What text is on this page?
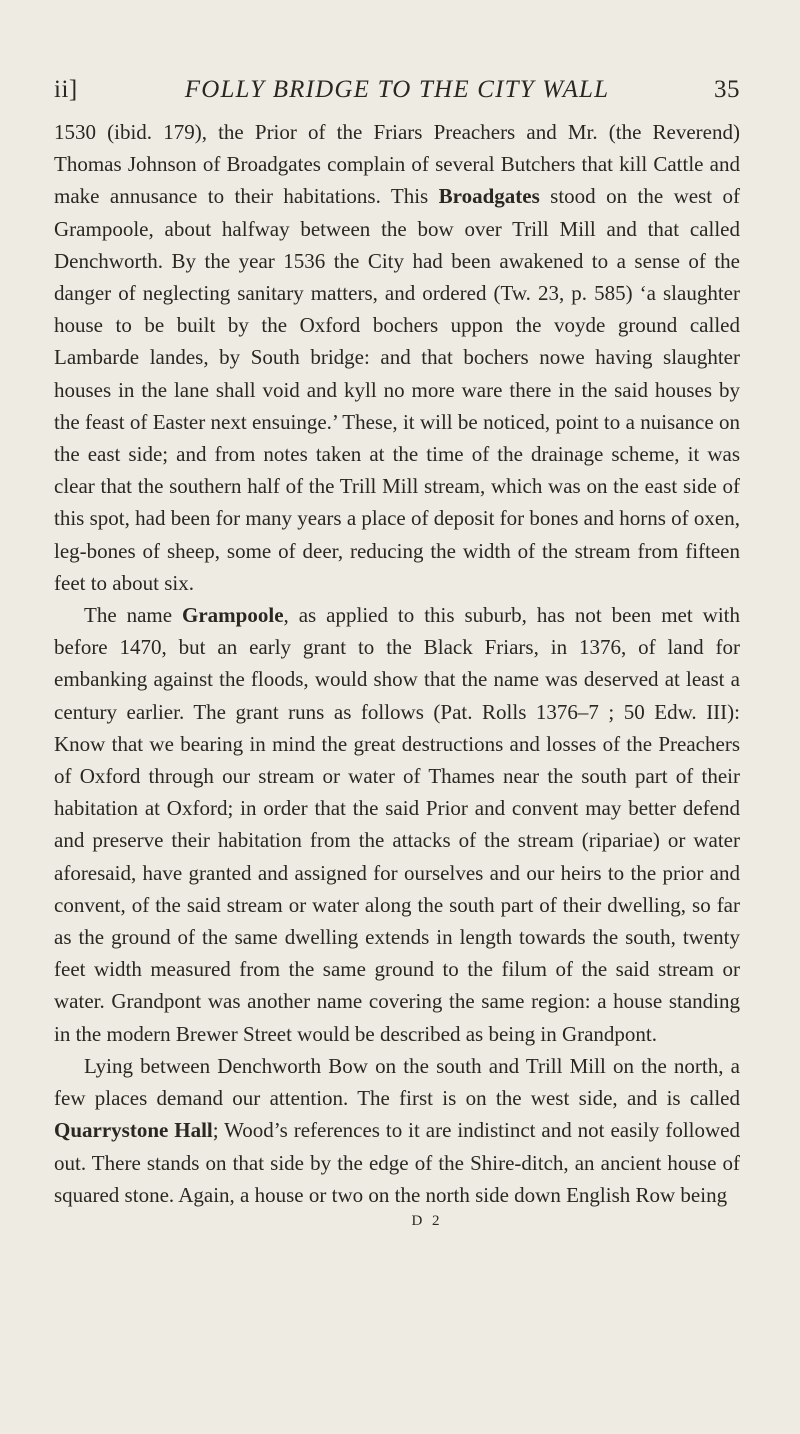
ii]	FOLLY BRIDGE TO THE CITY WALL	35

1530 (ibid. 179), the Prior of the Friars Preachers and Mr. (the Reverend) Thomas Johnson of Broadgates complain of several Butchers that kill Cattle and make annusance to their habitations. This Broadgates stood on the west of Grampoole, about halfway between the bow over Trill Mill and that called Denchworth. By the year 1536 the City had been awakened to a sense of the danger of neglecting sanitary matters, and ordered (Tw. 23, p. 585) ‘a slaughter house to be built by the Oxford bochers uppon the voyde ground called Lambarde landes, by South bridge: and that bochers nowe having slaughter houses in the lane shall void and kyll no more ware there in the said houses by the feast of Easter next ensuinge.’ These, it will be noticed, point to a nuisance on the east side; and from notes taken at the time of the drainage scheme, it was clear that the southern half of the Trill Mill stream, which was on the east side of this spot, had been for many years a place of deposit for bones and horns of oxen, leg-bones of sheep, some of deer, reducing the width of the stream from fifteen feet to about six.

The name Grampoole, as applied to this suburb, has not been met with before 1470, but an early grant to the Black Friars, in 1376, of land for embanking against the floods, would show that the name was deserved at least a century earlier. The grant runs as follows (Pat. Rolls 1376–7 ; 50 Edw. III): Know that we bearing in mind the great destructions and losses of the Preachers of Oxford through our stream or water of Thames near the south part of their habitation at Oxford; in order that the said Prior and convent may better defend and preserve their habitation from the attacks of the stream (ripariae) or water aforesaid, have granted and assigned for ourselves and our heirs to the prior and convent, of the said stream or water along the south part of their dwelling, so far as the ground of the same dwelling extends in length towards the south, twenty feet width measured from the same ground to the filum of the said stream or water. Grandpont was another name covering the same region: a house standing in the modern Brewer Street would be described as being in Grandpont.

Lying between Denchworth Bow on the south and Trill Mill on the north, a few places demand our attention. The first is on the west side, and is called Quarrystone Hall; Wood’s references to it are indistinct and not easily followed out. There stands on that side by the edge of the Shire-ditch, an ancient house of squared stone. Again, a house or two on the north side down English Row being

D 2
